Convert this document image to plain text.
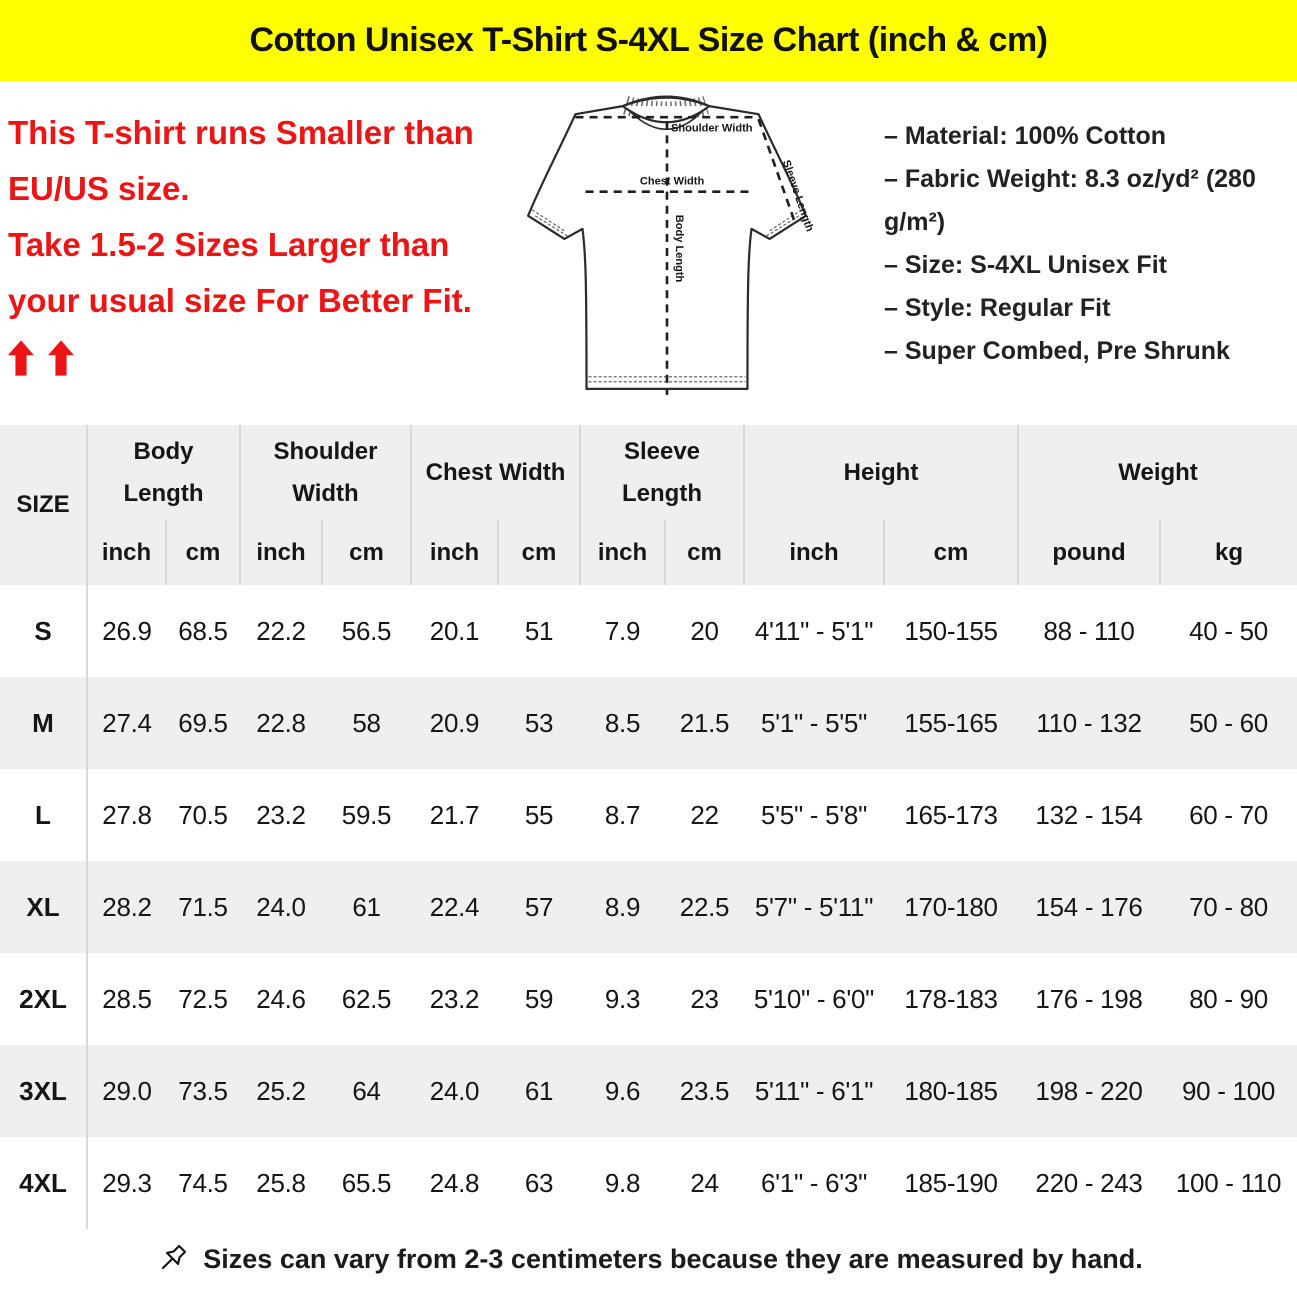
Cotton Unisex T-Shirt S-4XL Size Chart (inch & cm)
This T-shirt runs Smaller than
EU/US size.
Take 1.5-2 Sizes Larger than
your usual size For Better Fit.
Shoulder Width
Chest Width
Body Length
Sleeve Length
– Material: 100% Cotton
– Fabric Weight: 8.3 oz/yd² (280 g/m²)
– Size: S-4XL Unisex Fit
– Style: Regular Fit
– Super Combed, Pre Shrunk
SIZE	Body Length		Shoulder Width		Chest Width		Sleeve Length		Height		Weight	
	inch	cm	inch	cm	inch	cm	inch	cm	inch	cm	pound	kg
S	26.9	68.5	22.2	56.5	20.1	51	7.9	20	4'11" - 5'1"	150-155	88 - 110	40 - 50
M	27.4	69.5	22.8	58	20.9	53	8.5	21.5	5'1" - 5'5"	155-165	110 - 132	50 - 60
L	27.8	70.5	23.2	59.5	21.7	55	8.7	22	5'5" - 5'8"	165-173	132 - 154	60 - 70
XL	28.2	71.5	24.0	61	22.4	57	8.9	22.5	5'7" - 5'11"	170-180	154 - 176	70 - 80
2XL	28.5	72.5	24.6	62.5	23.2	59	9.3	23	5'10" - 6'0"	178-183	176 - 198	80 - 90
3XL	29.0	73.5	25.2	64	24.0	61	9.6	23.5	5'11" - 6'1"	180-185	198 - 220	90 - 100
4XL	29.3	74.5	25.8	65.5	24.8	63	9.8	24	6'1" - 6'3"	185-190	220 - 243	100 - 110
Sizes can vary from 2-3 centimeters because they are measured by hand.
